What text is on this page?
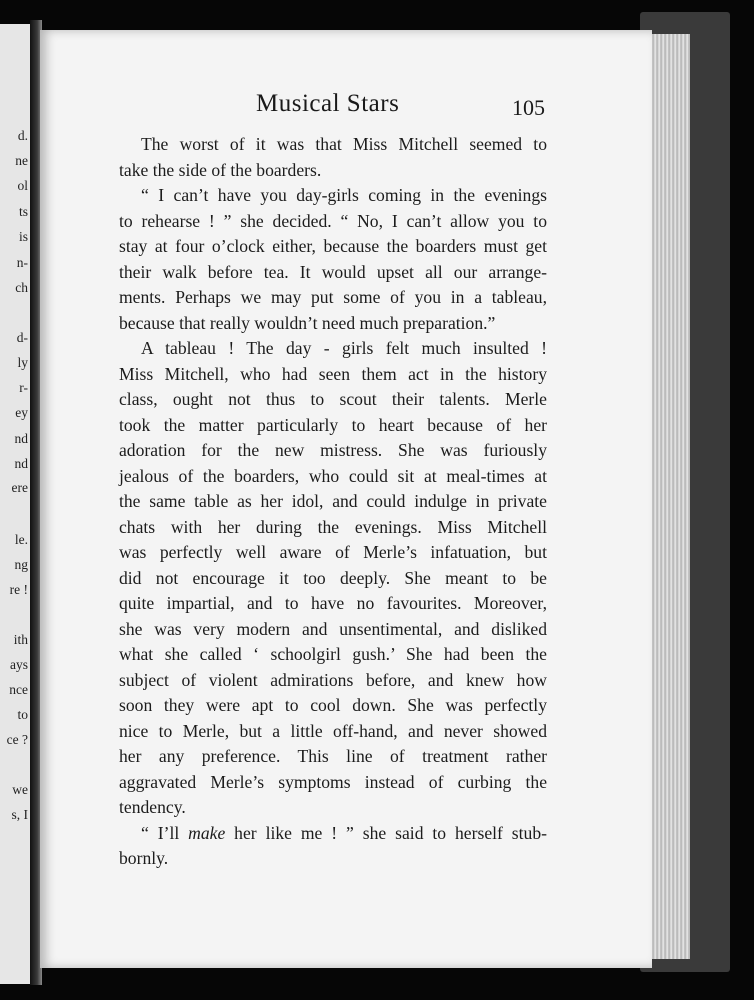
d.

ne

ol

ts

is

n-

ch

d-

ly

r-

ey

nd

nd

ere

le.

ng

re !

ith

ays

nce

to

ce ?

we

s, I

Musical Stars	105

The worst of it was that Miss Mitchell seemed to

take the side of the boarders.

“ I can’t have you day-girls coming in the evenings

to rehearse ! ” she decided. “ No, I can’t allow you to

stay at four o’clock either, because the boarders must get

their walk before tea. It would upset all our arrange-

ments. Perhaps we may put some of you in a tableau,

because that really wouldn’t need much preparation.”

A tableau ! The day - girls felt much insulted !

Miss Mitchell, who had seen them act in the history

class, ought not thus to scout their talents. Merle

took the matter particularly to heart because of her

adoration for the new mistress. She was furiously

jealous of the boarders, who could sit at meal-times at

the same table as her idol, and could indulge in private

chats with her during the evenings. Miss Mitchell

was perfectly well aware of Merle’s infatuation, but

did not encourage it too deeply. She meant to be

quite impartial, and to have no favourites. Moreover,

she was very modern and unsentimental, and disliked

what she called ‘ schoolgirl gush.’ She had been the

subject of violent admirations before, and knew how

soon they were apt to cool down. She was perfectly

nice to Merle, but a little off-hand, and never showed

her any preference. This line of treatment rather

aggravated Merle’s symptoms instead of curbing the

tendency.

“ I’ll make her like me ! ” she said to herself stub-

bornly.
